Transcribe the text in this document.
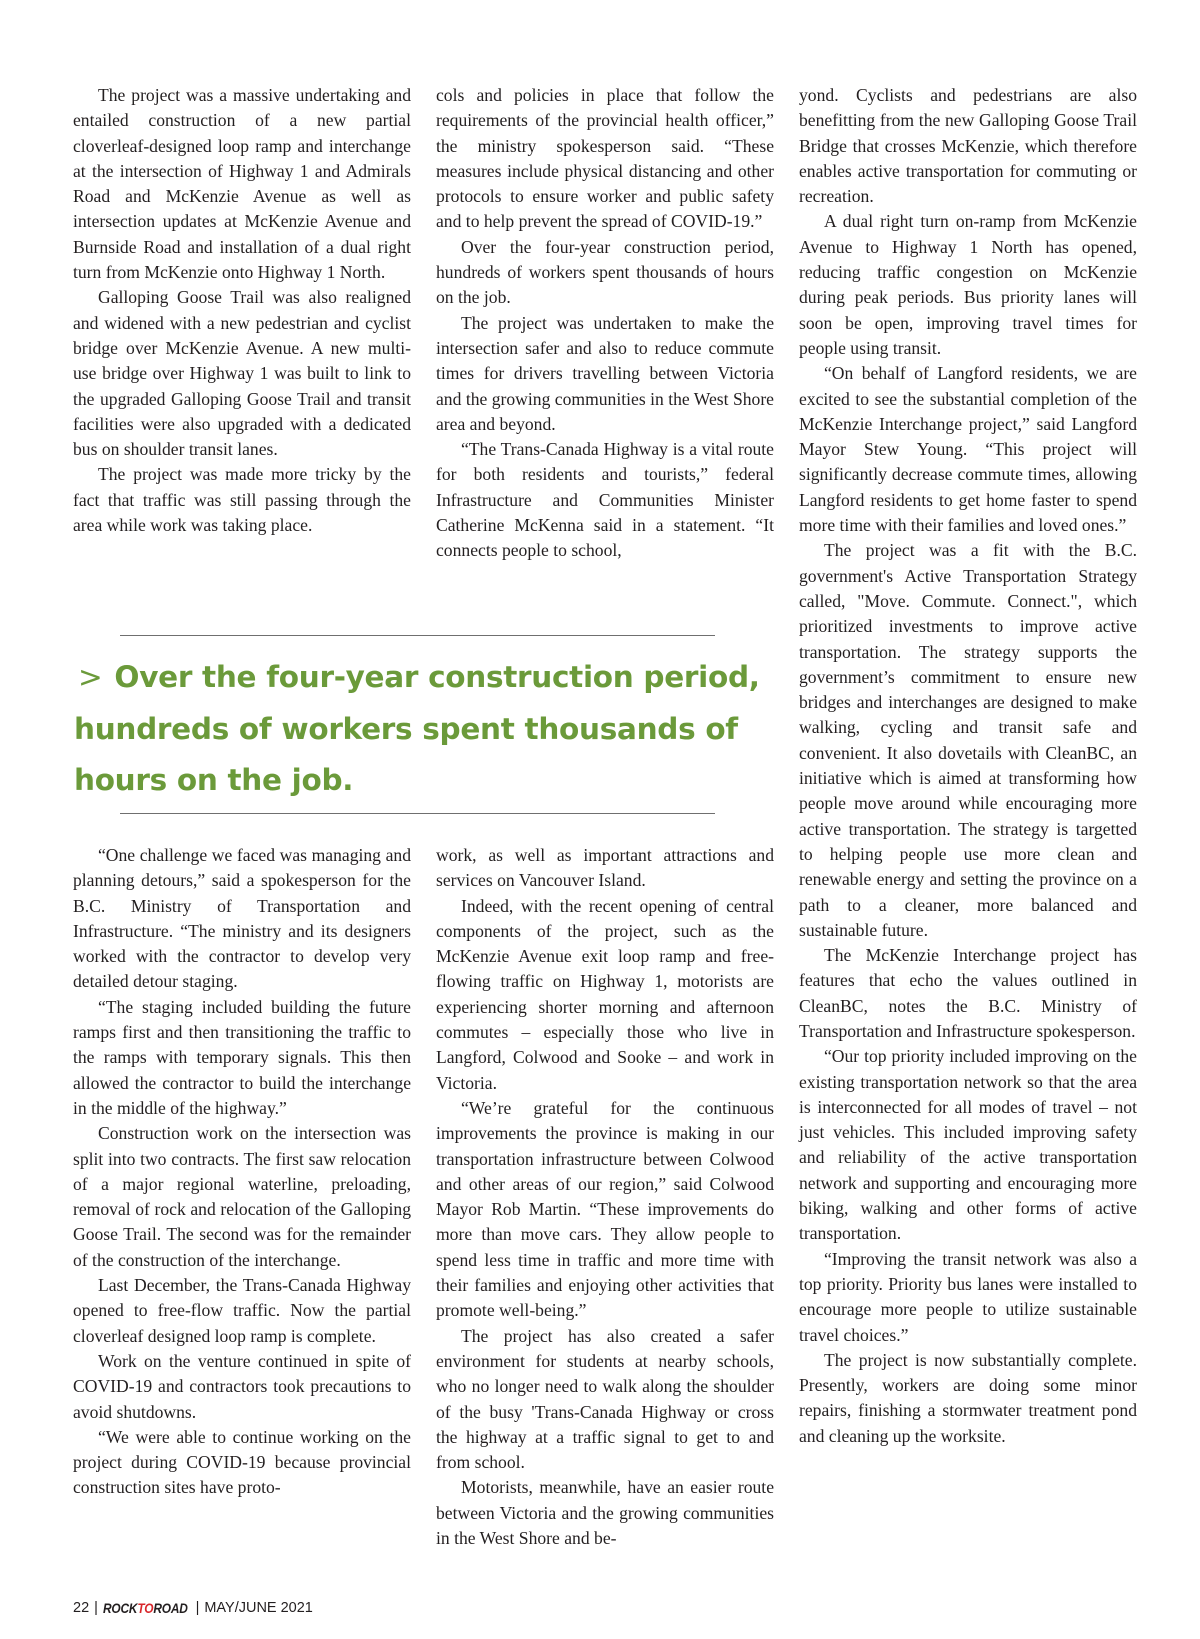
The project was a massive undertaking and entailed construction of a new partial cloverleaf-designed loop ramp and interchange at the intersection of Highway 1 and Admirals Road and McKenzie Avenue as well as intersection updates at McKenzie Avenue and Burnside Road and installation of a dual right turn from McKenzie onto Highway 1 North.

Galloping Goose Trail was also realigned and widened with a new pedestrian and cyclist bridge over McKenzie Avenue. A new multi-use bridge over Highway 1 was built to link to the upgraded Galloping Goose Trail and transit facilities were also upgraded with a dedicated bus on shoulder transit lanes.

The project was made more tricky by the fact that traffic was still passing through the area while work was taking place.

cols and policies in place that follow the requirements of the provincial health officer,” the ministry spokesperson said. “These measures include physical distancing and other protocols to ensure worker and public safety and to help prevent the spread of COVID-19.”

Over the four-year construction period, hundreds of workers spent thousands of hours on the job.

The project was undertaken to make the intersection safer and also to reduce commute times for drivers travelling between Victoria and the growing communities in the West Shore area and beyond.

“The Trans-Canada Highway is a vital route for both residents and tourists,” federal Infrastructure and Communities Minister Catherine McKenna said in a statement. “It connects people to school,

> Over the four-year construction period, hundreds of workers spent thousands of hours on the job.

“One challenge we faced was managing and planning detours,” said a spokesperson for the B.C. Ministry of Transportation and Infrastructure. “The ministry and its designers worked with the contractor to develop very detailed detour staging.

“The staging included building the future ramps first and then transitioning the traffic to the ramps with temporary signals. This then allowed the contractor to build the interchange in the middle of the highway.”

Construction work on the intersection was split into two contracts. The first saw relocation of a major regional waterline, preloading, removal of rock and relocation of the Galloping Goose Trail. The second was for the remainder of the construction of the interchange.

Last December, the Trans-Canada Highway opened to free-flow traffic. Now the partial cloverleaf designed loop ramp is complete.

Work on the venture continued in spite of COVID-19 and contractors took precautions to avoid shutdowns.

“We were able to continue working on the project during COVID-19 because provincial construction sites have proto-

work, as well as important attractions and services on Vancouver Island.

Indeed, with the recent opening of central components of the project, such as the McKenzie Avenue exit loop ramp and free-flowing traffic on Highway 1, motorists are experiencing shorter morning and afternoon commutes – especially those who live in Langford, Colwood and Sooke – and work in Victoria.

“We’re grateful for the continuous improvements the province is making in our transportation infrastructure between Colwood and other areas of our region,” said Colwood Mayor Rob Martin. “These improvements do more than move cars. They allow people to spend less time in traffic and more time with their families and enjoying other activities that promote well-being.”

The project has also created a safer environment for students at nearby schools, who no longer need to walk along the shoulder of the busy 'Trans-Canada Highway or cross the highway at a traffic signal to get to and from school.

Motorists, meanwhile, have an easier route between Victoria and the growing communities in the West Shore and be-

yond. Cyclists and pedestrians are also benefitting from the new Galloping Goose Trail Bridge that crosses McKenzie, which therefore enables active transportation for commuting or recreation.

A dual right turn on-ramp from McKenzie Avenue to Highway 1 North has opened, reducing traffic congestion on McKenzie during peak periods. Bus priority lanes will soon be open, improving travel times for people using transit.

“On behalf of Langford residents, we are excited to see the substantial completion of the McKenzie Interchange project,” said Langford Mayor Stew Young. “This project will significantly decrease commute times, allowing Langford residents to get home faster to spend more time with their families and loved ones.”

The project was a fit with the B.C. government's Active Transportation Strategy called, "Move. Commute. Connect.", which prioritized investments to improve active transportation. The strategy supports the government’s commitment to ensure new bridges and interchanges are designed to make walking, cycling and transit safe and convenient. It also dovetails with CleanBC, an initiative which is aimed at transforming how people move around while encouraging more active transportation. The strategy is targetted to helping people use more clean and renewable energy and setting the province on a path to a cleaner, more balanced and sustainable future.

The McKenzie Interchange project has features that echo the values outlined in CleanBC, notes the B.C. Ministry of Transportation and Infrastructure spokesperson.

“Our top priority included improving on the existing transportation network so that the area is interconnected for all modes of travel – not just vehicles. This included improving safety and reliability of the active transportation network and supporting and encouraging more biking, walking and other forms of active transportation.

“Improving the transit network was also a top priority. Priority bus lanes were installed to encourage more people to utilize sustainable travel choices.”

The project is now substantially complete. Presently, workers are doing some minor repairs, finishing a stormwater treatment pond and cleaning up the worksite.

22 | ROCKTOROAD | MAY/JUNE 2021
